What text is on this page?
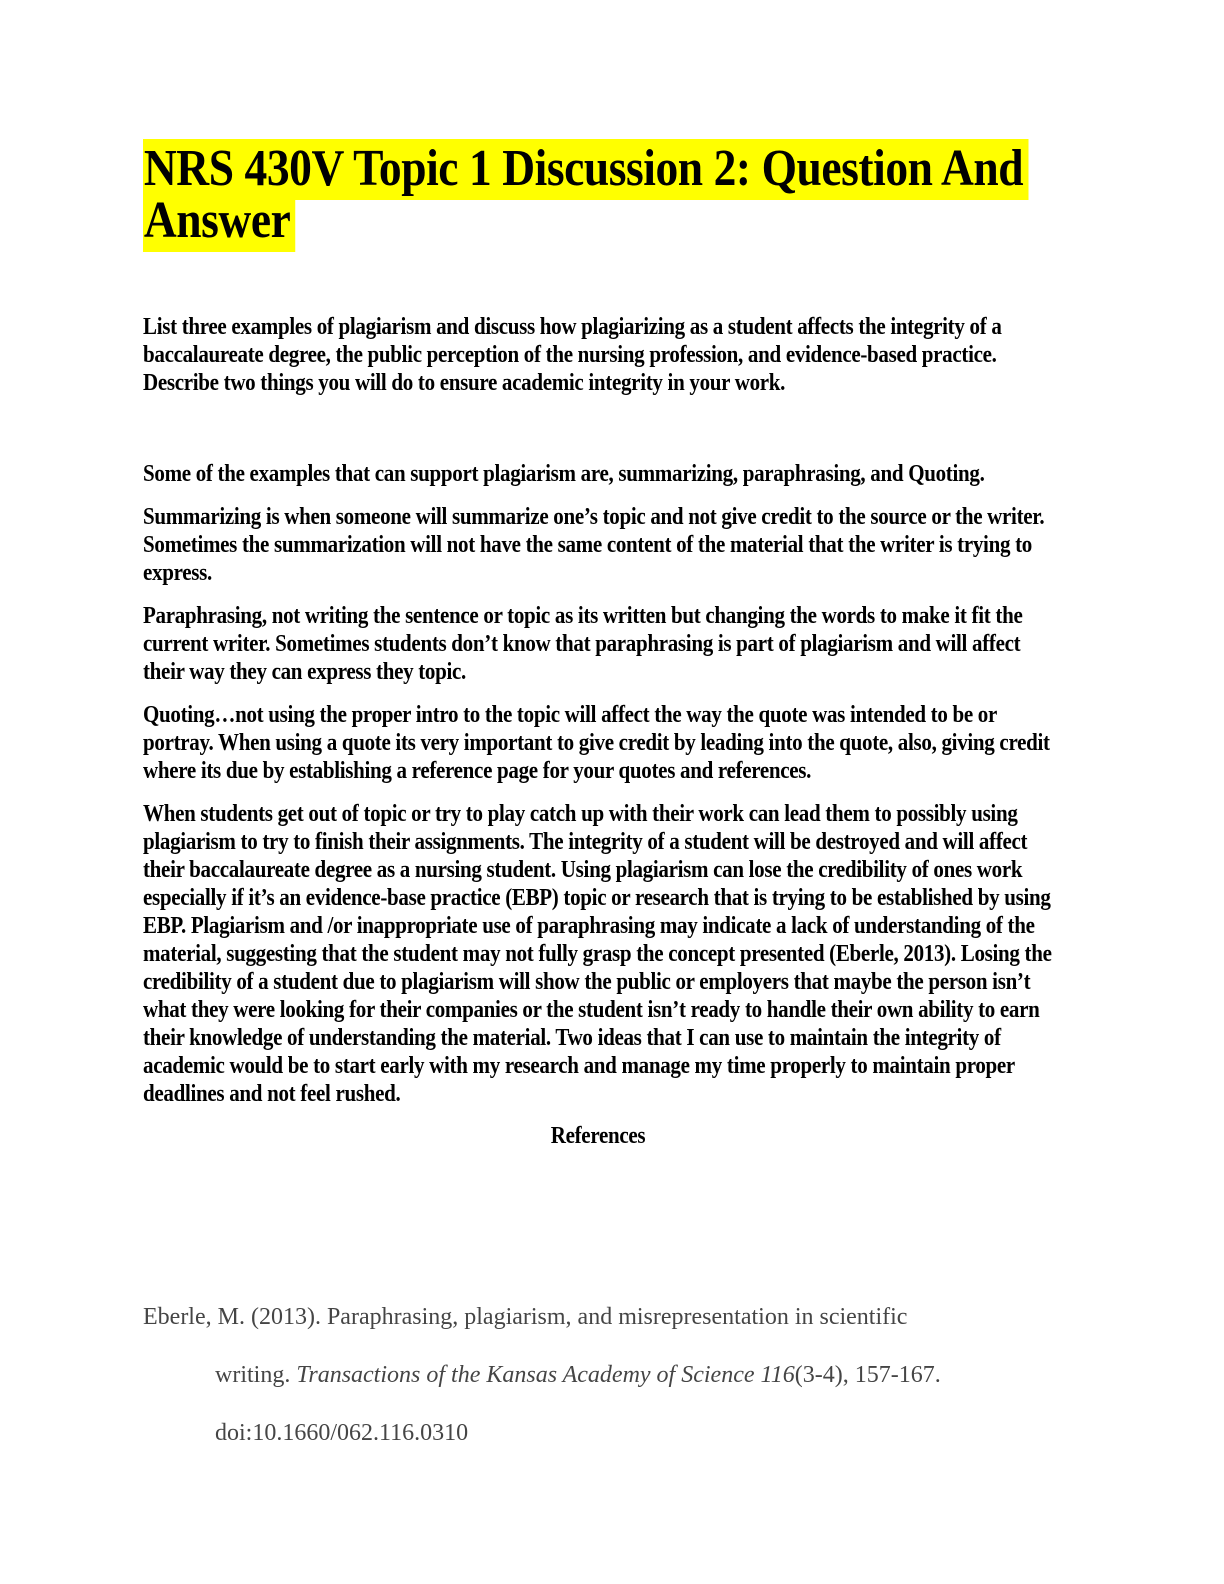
NRS 430V Topic 1 Discussion 2: Question And Answer

List three examples of plagiarism and discuss how plagiarizing as a student affects the integrity of a baccalaureate degree, the public perception of the nursing profession, and evidence-based practice. Describe two things you will do to ensure academic integrity in your work.

Some of the examples that can support plagiarism are, summarizing, paraphrasing, and Quoting.

Summarizing is when someone will summarize one’s topic and not give credit to the source or the writer. Sometimes the summarization will not have the same content of the material that the writer is trying to express.

Paraphrasing, not writing the sentence or topic as its written but changing the words to make it fit the current writer. Sometimes students don’t know that paraphrasing is part of plagiarism and will affect their way they can express they topic.

Quoting…not using the proper intro to the topic will affect the way the quote was intended to be or portray. When using a quote its very important to give credit by leading into the quote, also, giving credit where its due by establishing a reference page for your quotes and references.

When students get out of topic or try to play catch up with their work can lead them to possibly using plagiarism to try to finish their assignments. The integrity of a student will be destroyed and will affect their baccalaureate degree as a nursing student. Using plagiarism can lose the credibility of ones work especially if it’s an evidence-base practice (EBP) topic or research that is trying to be established by using EBP. Plagiarism and /or inappropriate use of paraphrasing may indicate a lack of understanding of the material, suggesting that the student may not fully grasp the concept presented (Eberle, 2013). Losing the credibility of a student due to plagiarism will show the public or employers that maybe the person isn’t what they were looking for their companies or the student isn’t ready to handle their own ability to earn their knowledge of understanding the material. Two ideas that I can use to maintain the integrity of academic would be to start early with my research and manage my time properly to maintain proper deadlines and not feel rushed.

References
Eberle, M. (2013). Paraphrasing, plagiarism, and misrepresentation in scientific
writing. Transactions of the Kansas Academy of Science 116(3-4), 157-167.
doi:10.1660/062.116.0310
